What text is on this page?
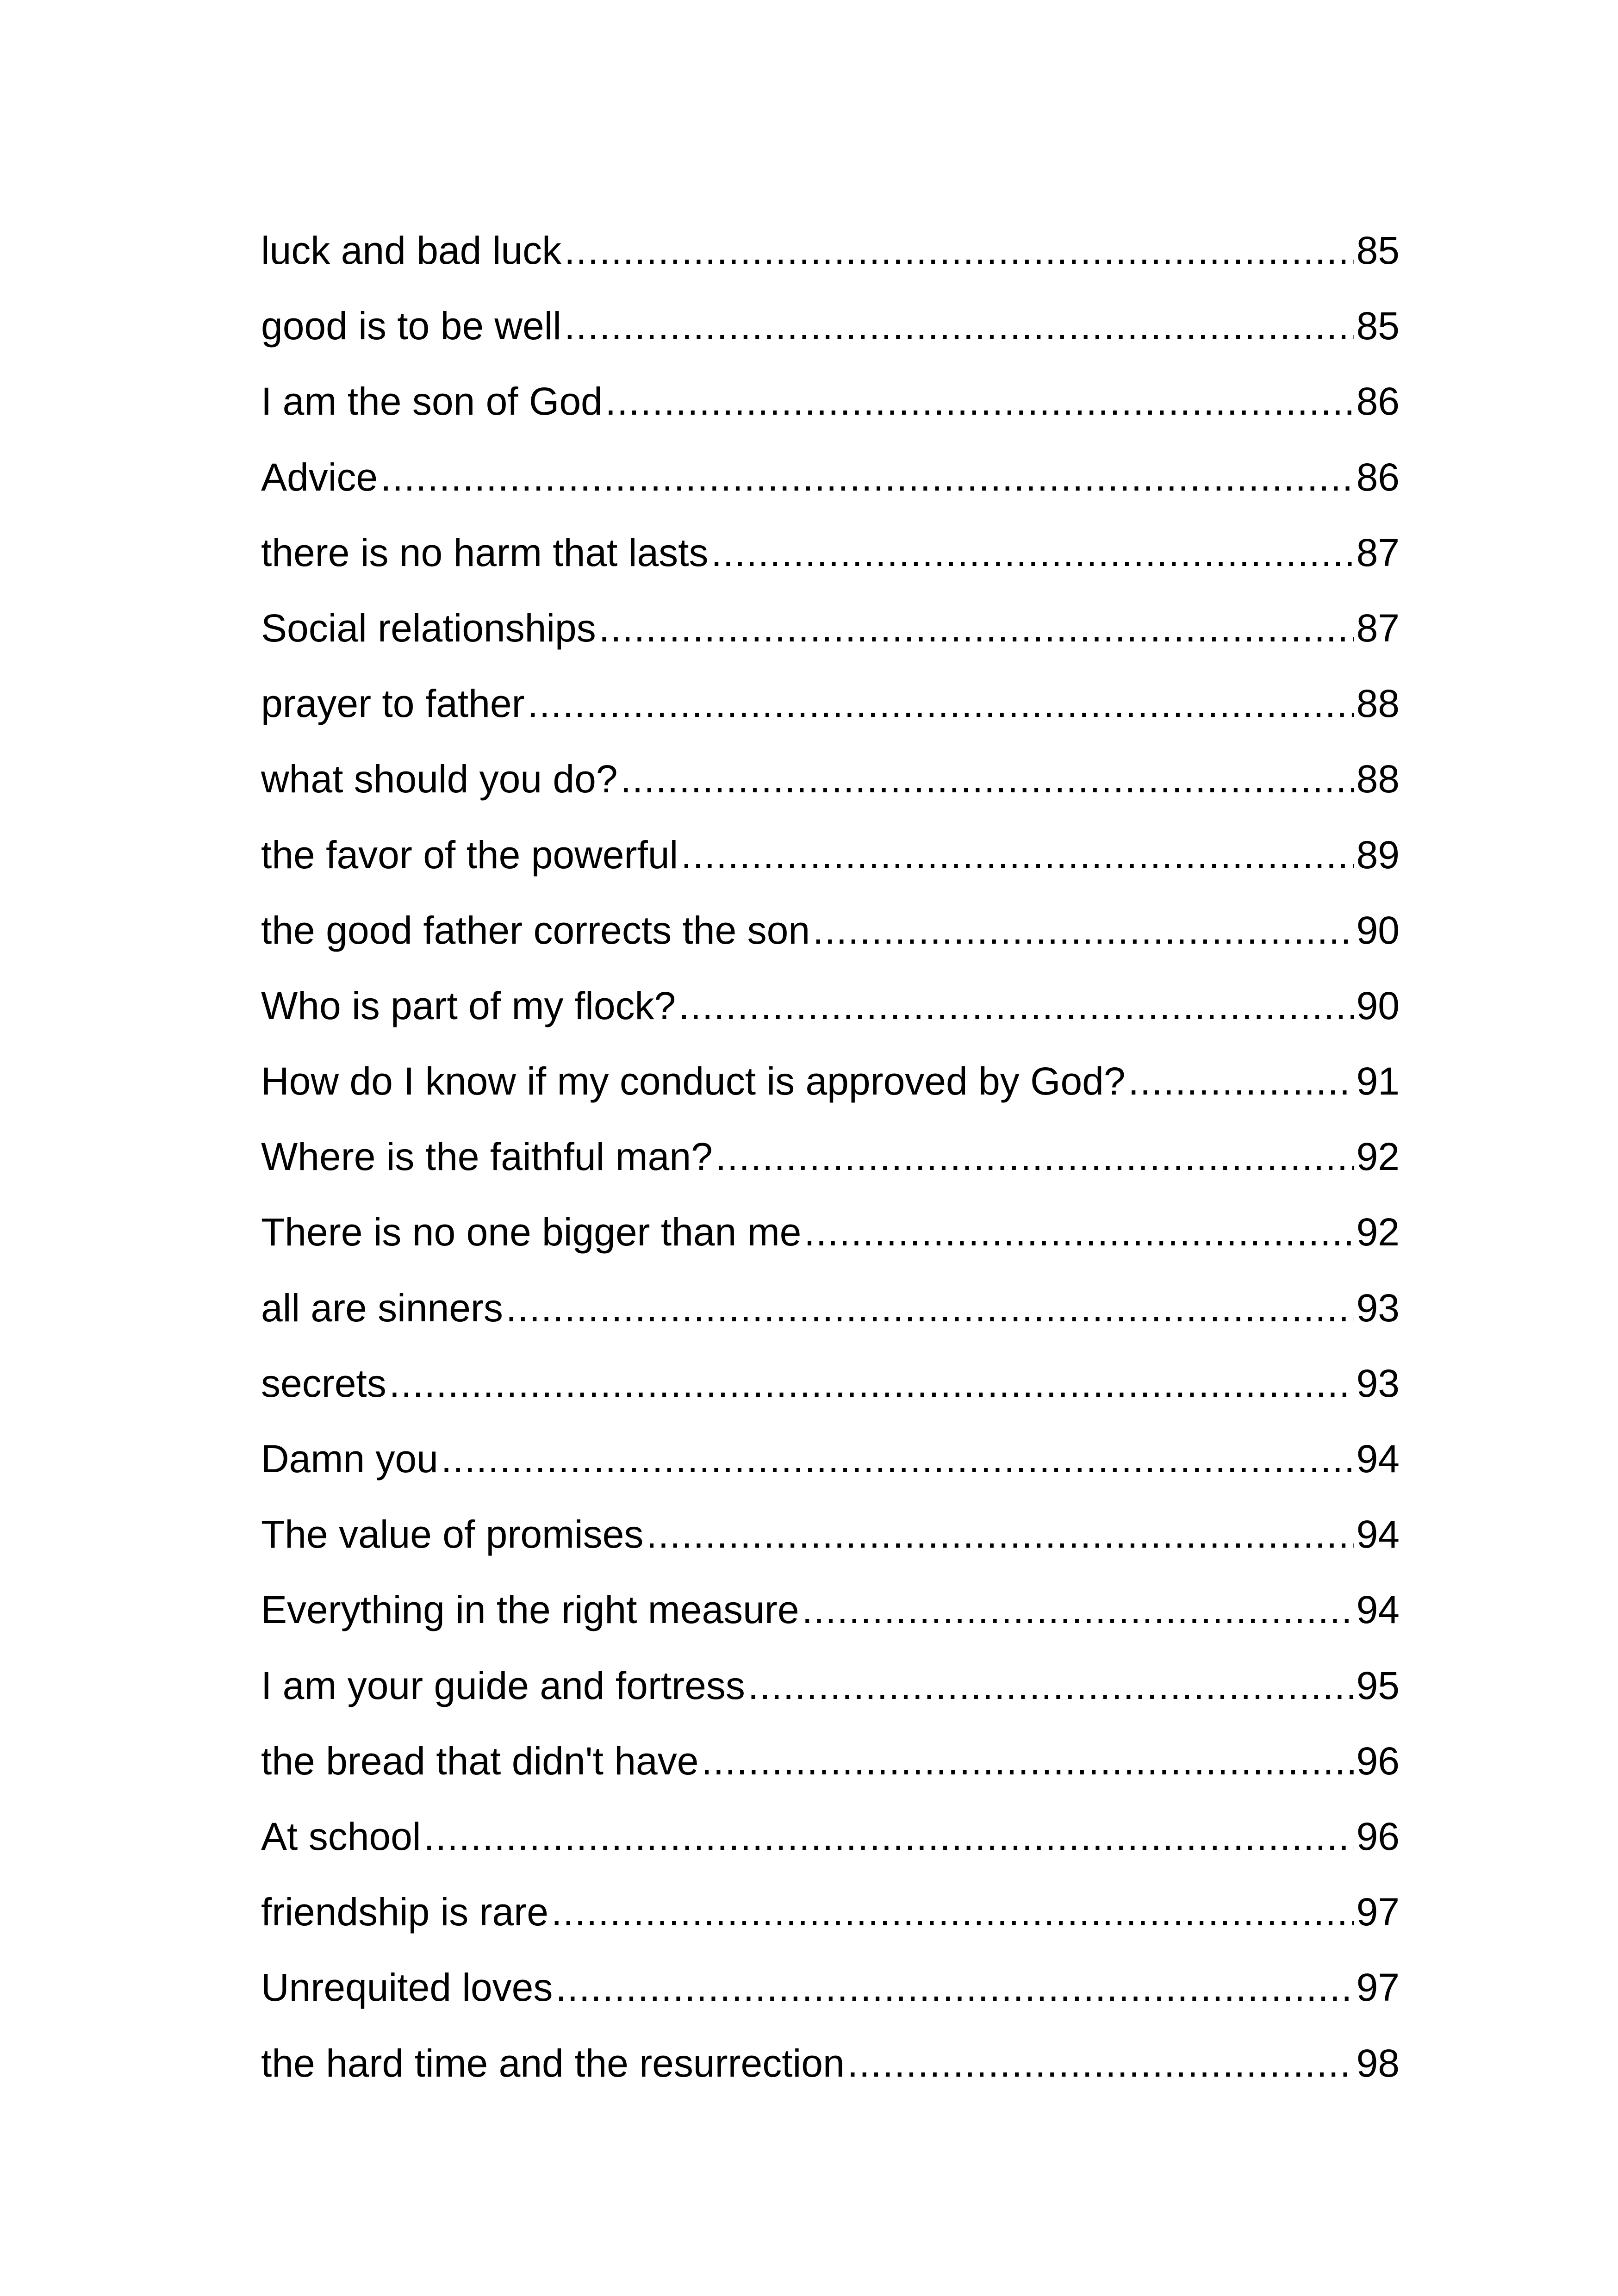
luck and bad luck .....	85
good is to be well .....	85
I am the son of God .....	86
Advice .....	86
there is no harm that lasts .....	87
Social relationships .....	87
prayer to father .....	88
what should you do? .....	88
the favor of the powerful .....	89
the good father corrects the son .....	90
Who is part of my flock? .....	90
How do I know if my conduct is approved by God? .....	91
Where is the faithful man? .....	92
There is no one bigger than me .....	92
all are sinners .....	93
secrets .....	93
Damn you .....	94
The value of promises .....	94
Everything in the right measure .....	94
I am your guide and fortress .....	95
the bread that didn't have .....	96
At school .....	96
friendship is rare .....	97
Unrequited loves .....	97
the hard time and the resurrection .....	98
